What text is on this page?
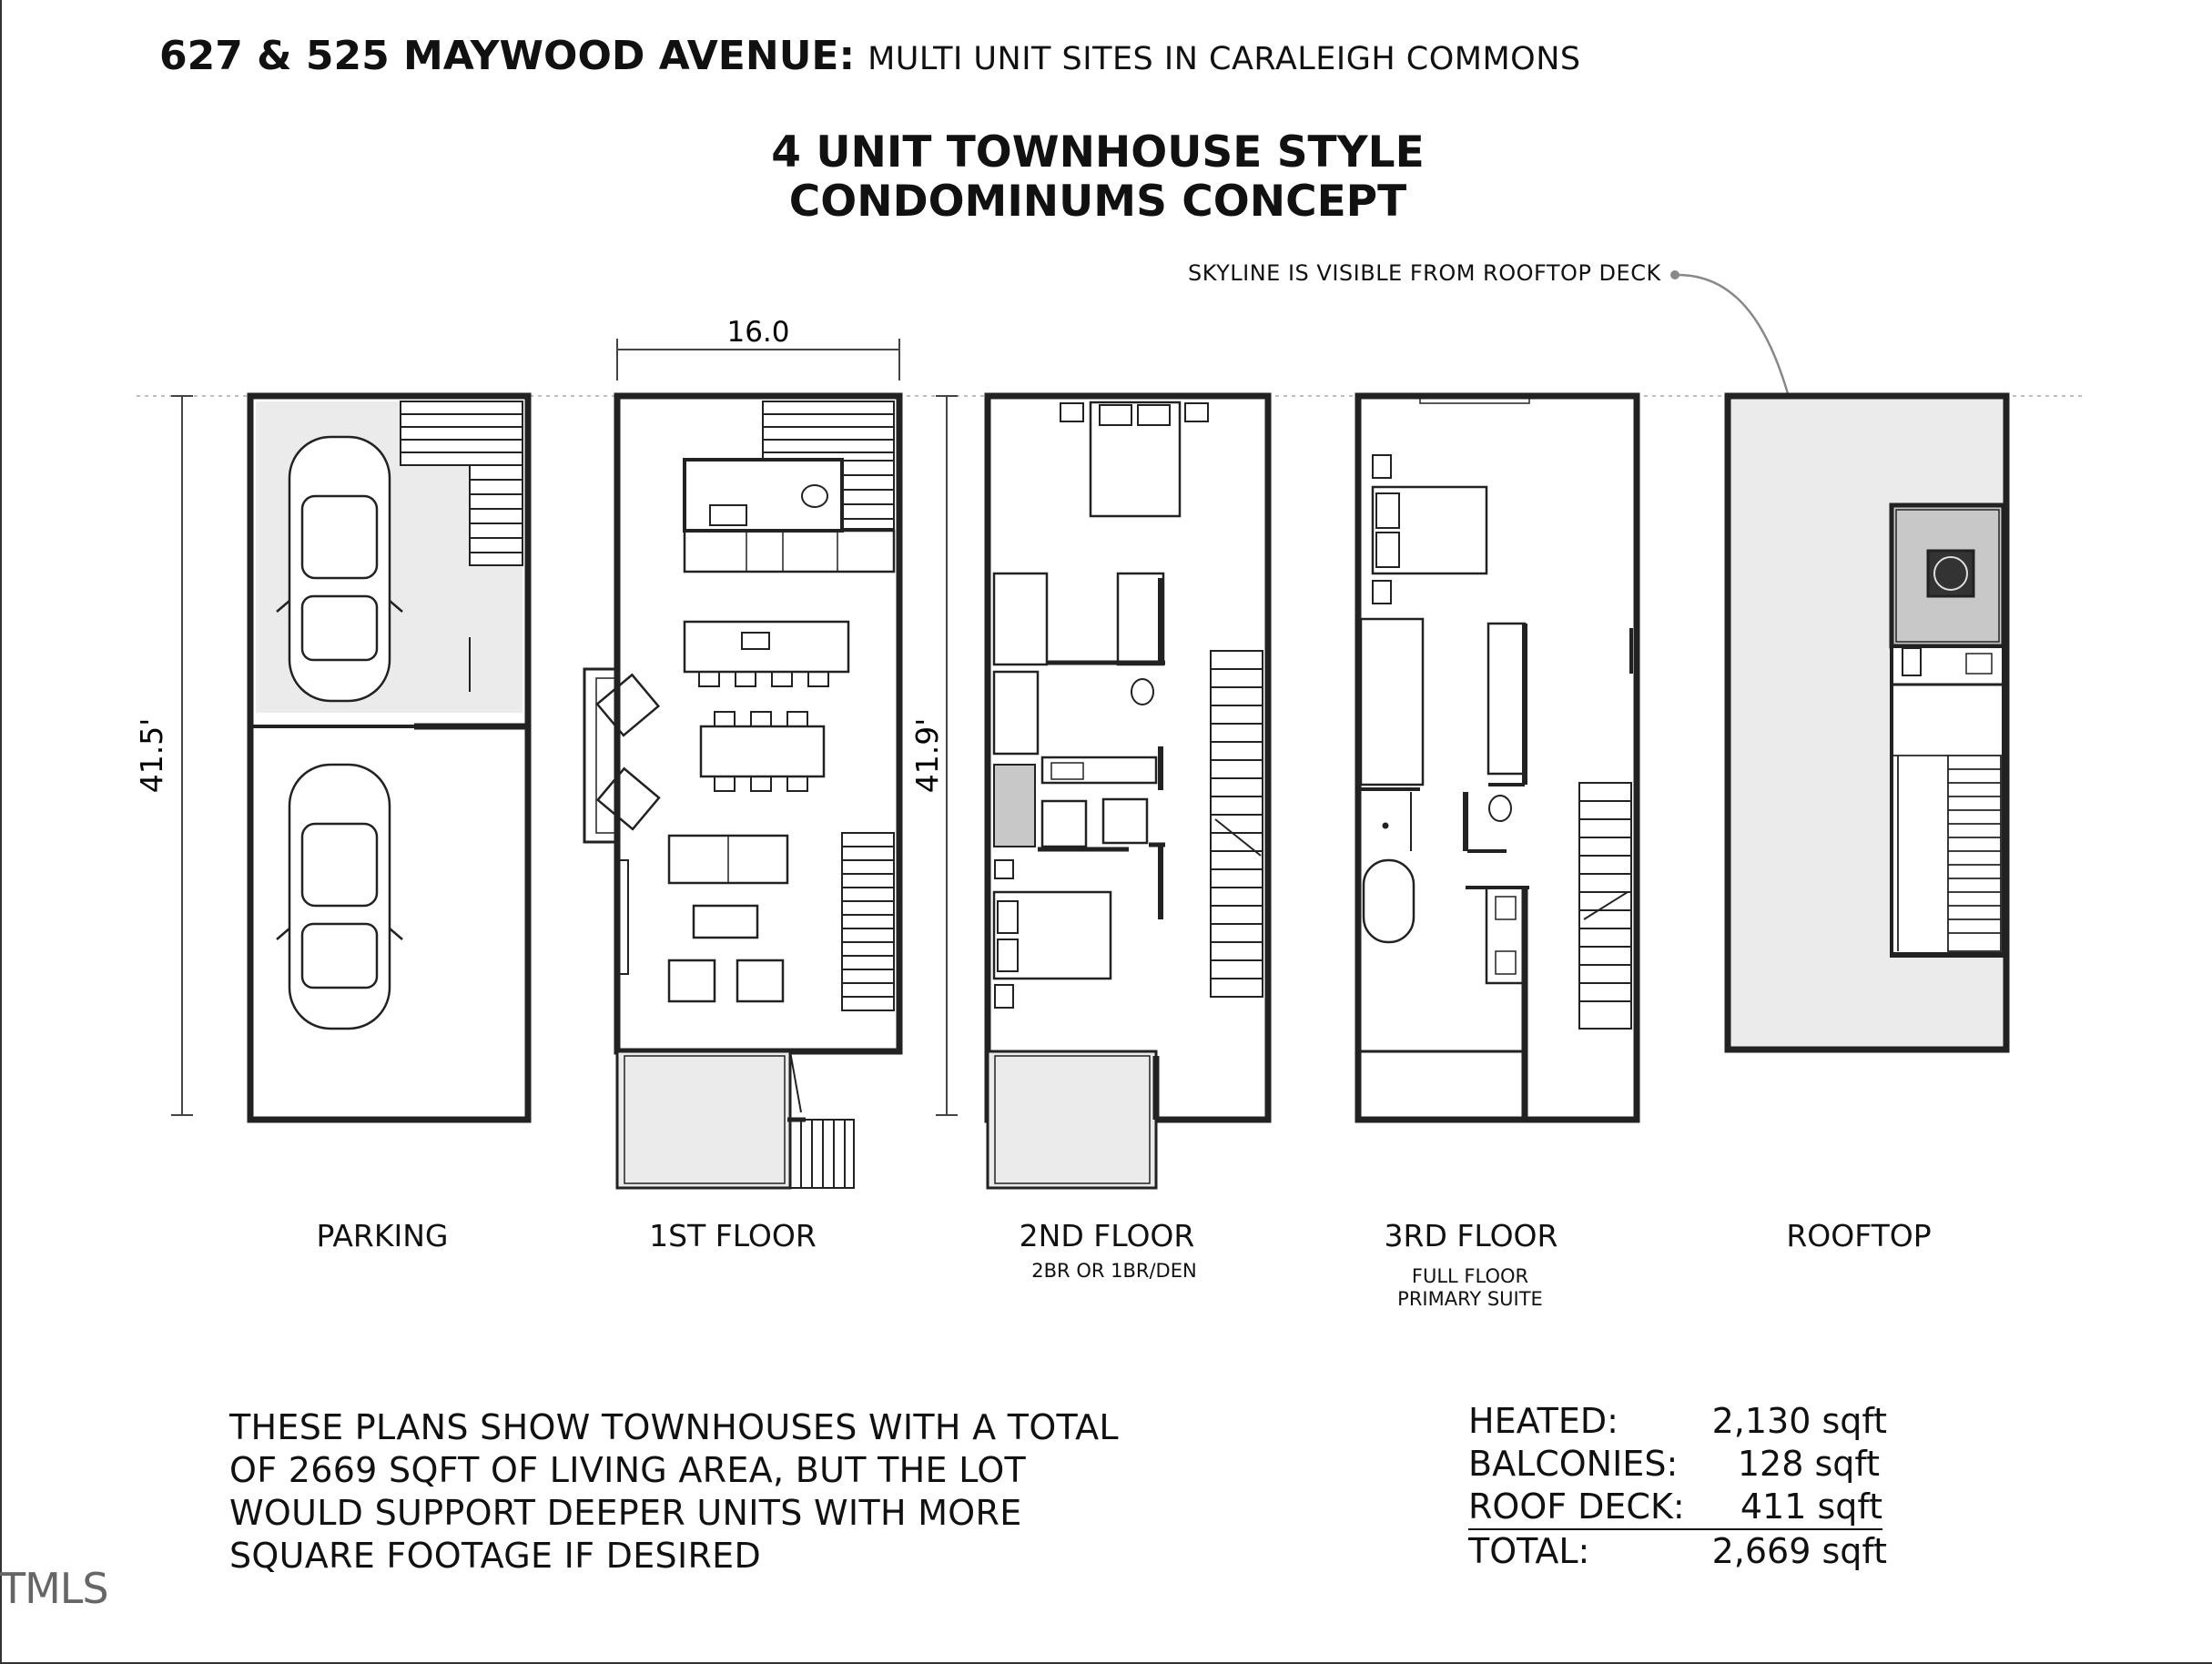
627 & 525 MAYWOOD AVENUE: MULTI UNIT SITES IN CARALEIGH COMMONS
4 UNIT TOWNHOUSE STYLE
CONDOMINUMS CONCEPT
SKYLINE IS VISIBLE FROM ROOFTOP DECK
41.5'
16.0
41.9'
PARKING	1ST FLOOR	2ND FLOOR
2BR OR 1BR/DEN
3RD FLOOR
FULL FLOOR
PRIMARY SUITE
ROOFTOP
THESE PLANS SHOW TOWNHOUSES WITH A TOTAL
OF 2669 SQFT OF LIVING AREA, BUT THE LOT
WOULD SUPPORT DEEPER UNITS WITH MORE
SQUARE FOOTAGE IF DESIRED
HEATED:	2,130 sqft
BALCONIES: 128 sqft
ROOF DECK: 411 sqft
TOTAL:	2,669 sqft
TMLS
